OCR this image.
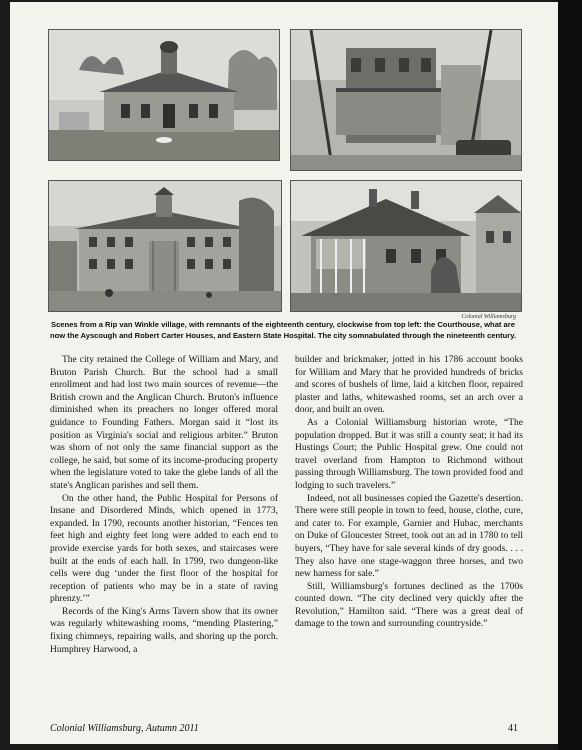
Colonial Williamsburg
Scenes from a Rip van Winkle village, with remnants of the eighteenth century, clockwise from top left: the Courthouse, what are now the Ayscough and Robert Carter Houses, and Eastern State Hospital. The city somnabulated through the nineteenth century.

The city retained the College of William and Mary, and Bruton Parish Church. But the school had a small enrollment and had lost two main sources of revenue—the British crown and the Anglican Church. Bruton's influence diminished when its preachers no longer offered moral guidance to Founding Fathers. Morgan said it “lost its position as Virginia's social and religious arbiter.” Bruton was shorn of not only the same financial support as the college, he said, but some of its income-producing property when the legislature voted to take the glebe lands of all the state's Anglican parishes and sell them.

On the other hand, the Public Hospital for Persons of Insane and Disordered Minds, which opened in 1773, expanded. In 1790, recounts another historian, “Fences ten feet high and eighty feet long were added to each end to provide exercise yards for both sexes, and staircases were built at the ends of each hall. In 1799, two dungeon-like cells were dug ‘under the first floor of the hospital for reception of patients who may be in a state of raving phrenzy.’”

Records of the King's Arms Tavern show that its owner was regularly whitewashing rooms, “mending Plastering,” fixing chimneys, repairing walls, and shoring up the porch. Humphrey Harwood, a

builder and brickmaker, jotted in his 1786 account books for William and Mary that he provided hundreds of bricks and scores of bushels of lime, laid a kitchen floor, repaired plaster and laths, whitewashed rooms, set an arch over a door, and built an oven.

As a Colonial Williamsburg historian wrote, “The population dropped. But it was still a county seat; it had its Hustings Court; the Public Hospital grew. One could not travel overland from Hampton to Richmond without passing through Williamsburg. The town provided food and lodging to such travelers.”

Indeed, not all businesses copied the Gazette's desertion. There were still people in town to feed, house, clothe, cure, and cater to. For example, Garnier and Hubac, merchants on Duke of Gloucester Street, took out an ad in 1780 to tell buyers, “They have for sale several kinds of dry goods. . . . They also have one stage-waggon three horses, and two new harness for sale.”

Still, Williamsburg's fortunes declined as the 1700s counted down. “The city declined very quickly after the Revolution,” Hamilton said. “There was a great deal of damage to the town and surrounding countryside.”

Colonial Williamsburg, Autumn 2011	41
